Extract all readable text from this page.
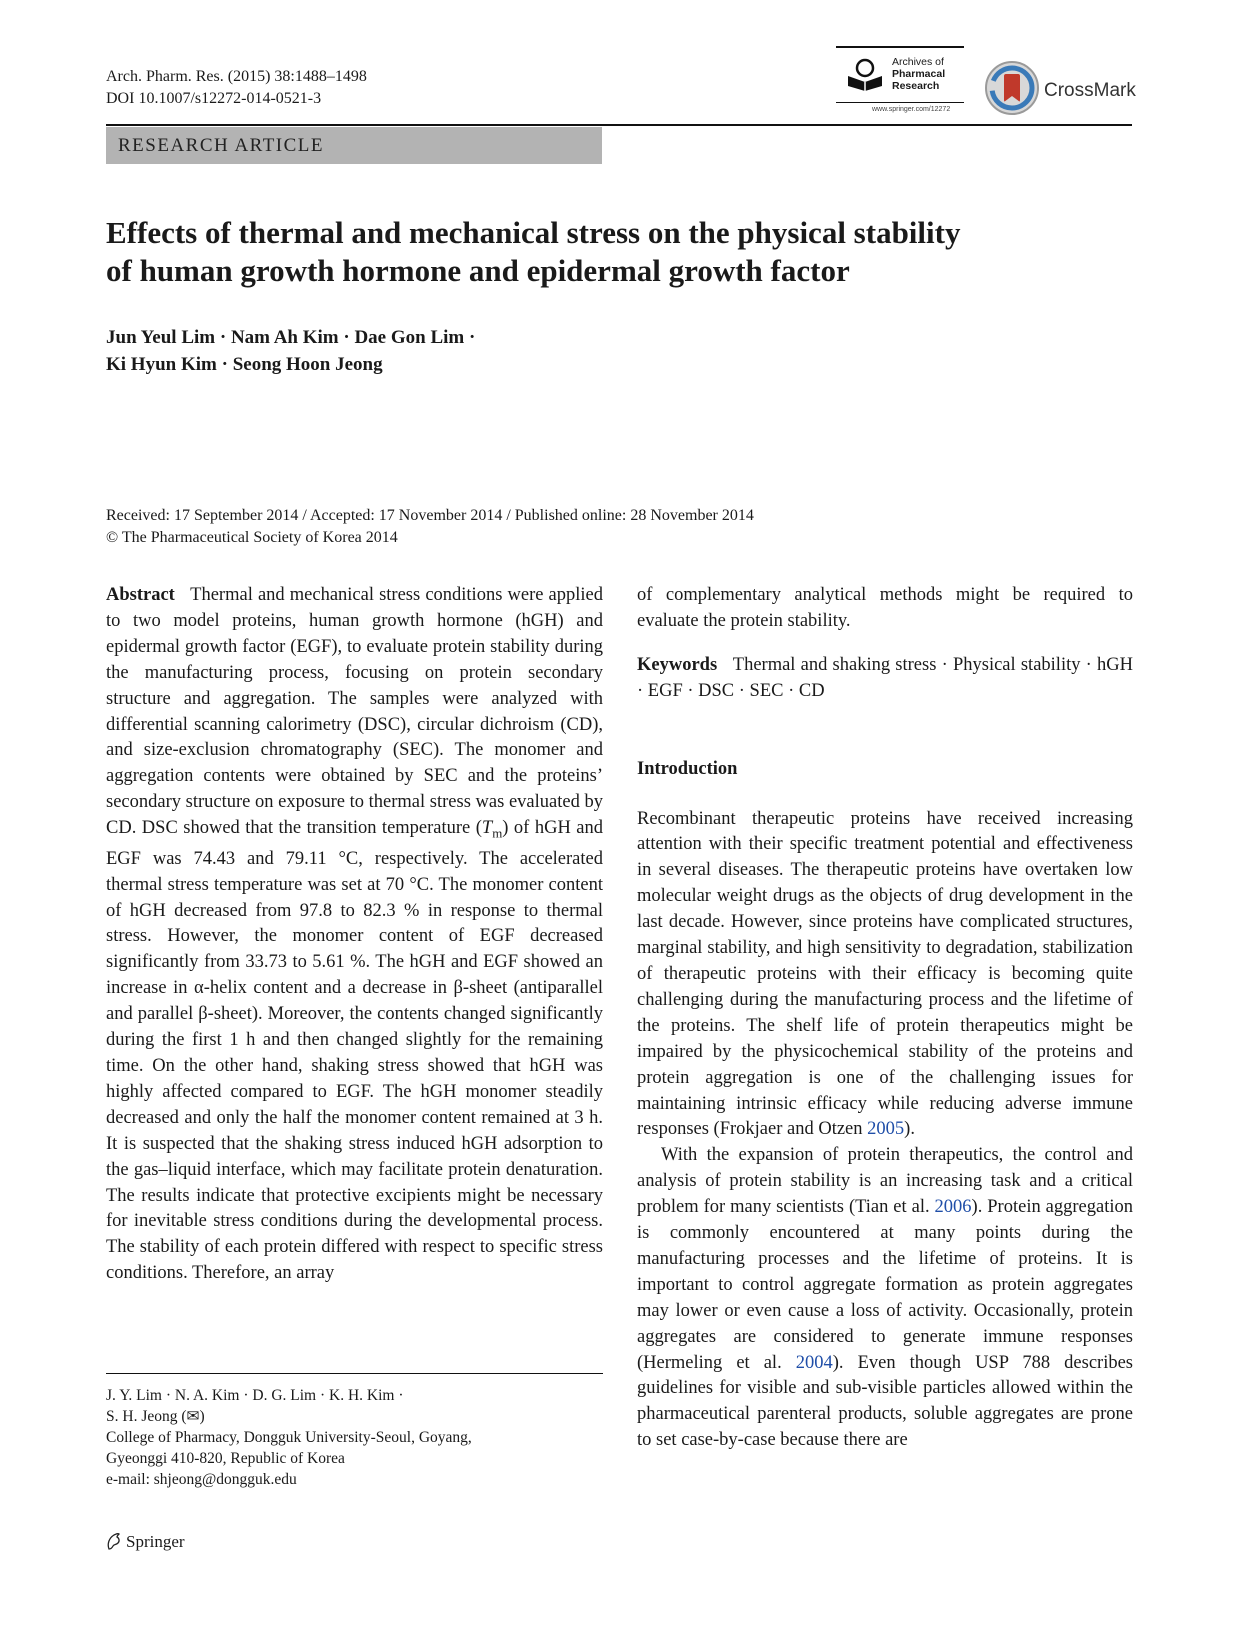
Arch. Pharm. Res. (2015) 38:1488–1498
DOI 10.1007/s12272-014-0521-3
Archives of
Pharmacal
Research
www.springer.com/12272
CrossMark
RESEARCH ARTICLE
Effects of thermal and mechanical stress on the physical stability
of human growth hormone and epidermal growth factor
Jun Yeul Lim · Nam Ah Kim · Dae Gon Lim ·
Ki Hyun Kim · Seong Hoon Jeong
Received: 17 September 2014 / Accepted: 17 November 2014 / Published online: 28 November 2014
© The Pharmaceutical Society of Korea 2014

Abstract Thermal and mechanical stress conditions were applied to two model proteins, human growth hormone (hGH) and epidermal growth factor (EGF), to evaluate protein stability during the manufacturing process, focusing on protein secondary structure and aggregation. The samples were analyzed with differential scanning calorimetry (DSC), circular dichroism (CD), and size-exclusion chromatography (SEC). The monomer and aggregation contents were obtained by SEC and the proteins’ secondary structure on exposure to thermal stress was evaluated by CD. DSC showed that the transition temperature $(T_m)$ of hGH and EGF was 74.43 and 79.11 °C, respectively. The accelerated thermal stress temperature was set at 70 °C. The monomer content of hGH decreased from 97.8 to 82.3 % in response to thermal stress. However, the monomer content of EGF decreased significantly from 33.73 to 5.61 %. The hGH and EGF showed an increase in α-helix content and a decrease in β-sheet (antiparallel and parallel β-sheet). Moreover, the contents changed significantly during the first 1 h and then changed slightly for the remaining time. On the other hand, shaking stress showed that hGH was highly affected compared to EGF. The hGH monomer steadily decreased and only the half the monomer content remained at 3 h. It is suspected that the shaking stress induced hGH adsorption to the gas–liquid interface, which may facilitate protein denaturation. The results indicate that protective excipients might be necessary for inevitable stress conditions during the developmental process. The stability of each protein differed with respect to specific stress conditions. Therefore, an array

of complementary analytical methods might be required to evaluate the protein stability.

Keywords Thermal and shaking stress · Physical stability · hGH · EGF · DSC · SEC · CD

Introduction

Recombinant therapeutic proteins have received increasing attention with their specific treatment potential and effectiveness in several diseases. The therapeutic proteins have overtaken low molecular weight drugs as the objects of drug development in the last decade. However, since proteins have complicated structures, marginal stability, and high sensitivity to degradation, stabilization of therapeutic proteins with their efficacy is becoming quite challenging during the manufacturing process and the lifetime of the proteins. The shelf life of protein therapeutics might be impaired by the physicochemical stability of the proteins and protein aggregation is one of the challenging issues for maintaining intrinsic efficacy while reducing adverse immune responses (Frokjaer and Otzen 2005).

With the expansion of protein therapeutics, the control and analysis of protein stability is an increasing task and a critical problem for many scientists (Tian et al. 2006). Protein aggregation is commonly encountered at many points during the manufacturing processes and the lifetime of proteins. It is important to control aggregate formation as protein aggregates may lower or even cause a loss of activity. Occasionally, protein aggregates are considered to generate immune responses (Hermeling et al. 2004). Even though USP 788 describes guidelines for visible and sub-visible particles allowed within the pharmaceutical parenteral products, soluble aggregates are prone to set case-by-case because there are

J. Y. Lim · N. A. Kim · D. G. Lim · K. H. Kim ·
S. H. Jeong (✉)
College of Pharmacy, Dongguk University-Seoul, Goyang,
Gyeonggi 410-820, Republic of Korea
e-mail: shjeong@dongguk.edu
Springer
